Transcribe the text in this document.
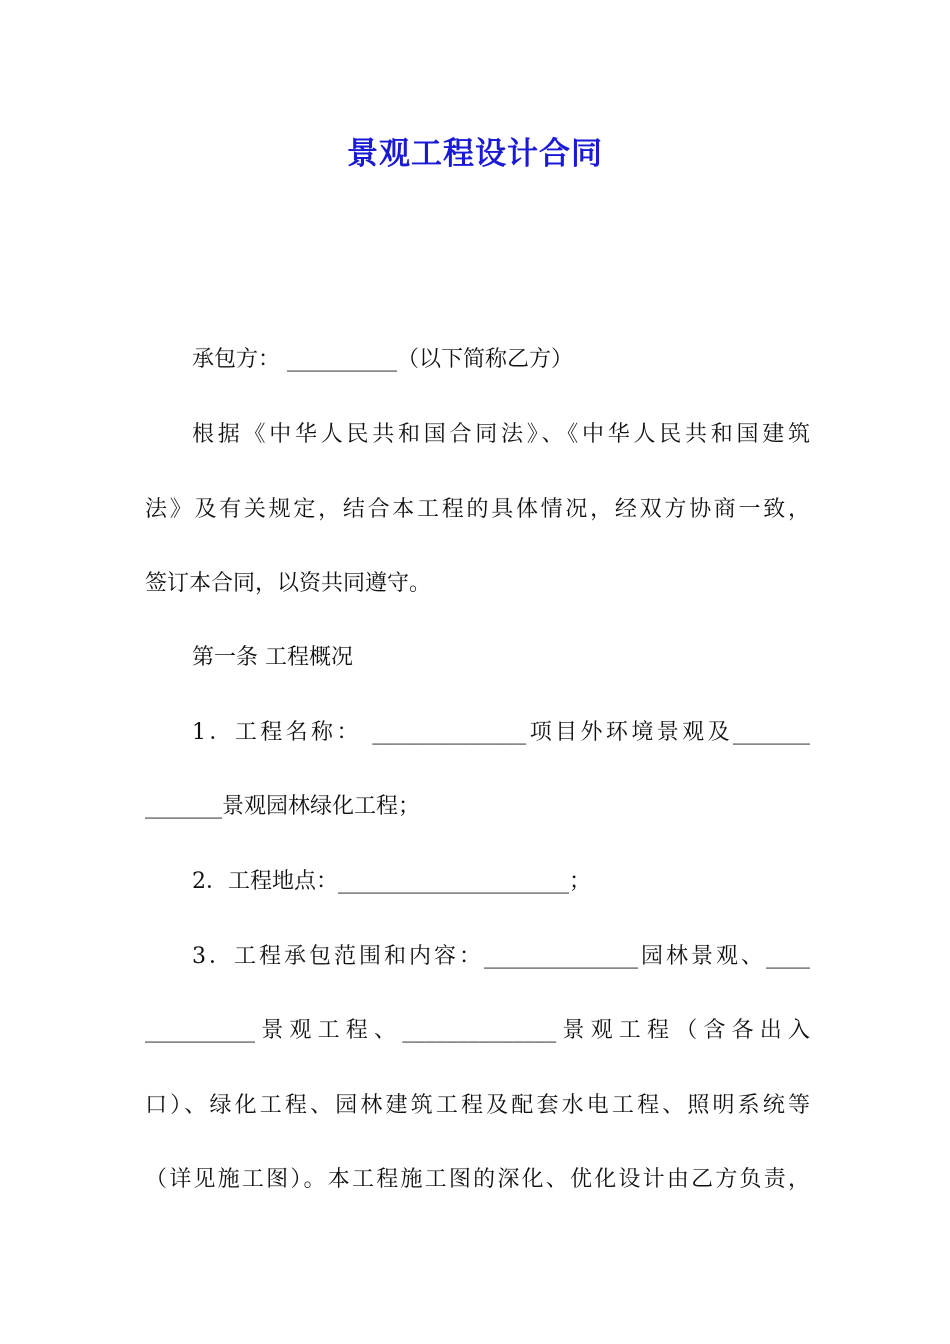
景观工程设计合同
承包方： __________（以下简称乙方）
根据《中华人民共和国合同法》、《中华人民共和国建筑
法》及有关规定，结合本工程的具体情况，经双方协商一致，
签订本合同，以资共同遵守。
第一条 工程概况
1．工程名称： ______________项目外环境景观及_______
_______景观园林绿化工程；
2．工程地点：_____________________；
3．工程承包范围和内容：______________园林景观、____
__________景观工程、______________景观工程（含各出入
口）、绿化工程、园林建筑工程及配套水电工程、照明系统等
（详见施工图）。本工程施工图的深化、优化设计由乙方负责，
